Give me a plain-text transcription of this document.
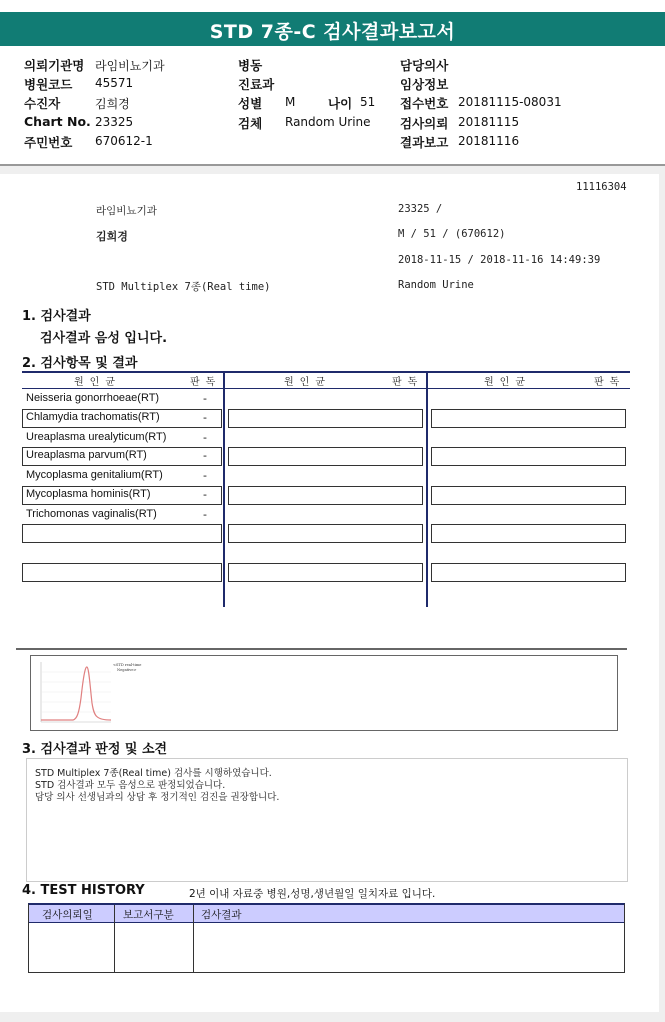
STD 7종-C 검사결과보고서
의뢰기관명 라임비뇨기과
병원코드 45571
수진자	김희경
Chart No. 23325
주민번호 670612-1
병동
진료과
성별 M	나이 51
검체 Random Urine
담당의사
임상정보
접수번호 20181115-08031
검사의뢰 20181115
결과보고 20181116
11116304
라임비뇨기과	23325 /
김희경	M / 51 / (670612)
2018-11-15 / 2018-11-16 14:49:39
STD Multiplex 7종(Real time)	Random Urine
1. 검사결과
검사결과 음성 입니다.
2. 검사항목 및 결과
원 인 균	판 독	원 인 균	판 독	원 인 균	판 독
Neisseria gonorrhoeae(RT)	-
Chlamydia trachomatis(RT)	-
Ureaplasma urealyticum(RT)	-
Ureaplasma parvum(RT)	-
Mycoplasma genitalium(RT)	-
Mycoplasma hominis(RT)	-
Trichomonas vaginalis(RT)	-
<STD real-time
Negative>
3. 검사결과 판정 및 소견
STD Multiplex 7종(Real time) 검사를 시행하였습니다.
STD 검사결과 모두 음성으로 판정되었습니다.
담당 의사 선생님과의 상담 후 정기적인 검진을 권장합니다.
4. TEST HISTORY	2년 이내 자료중 병원,성명,생년월일 일치자료 입니다.
검사의뢰일	보고서구분	검사결과
